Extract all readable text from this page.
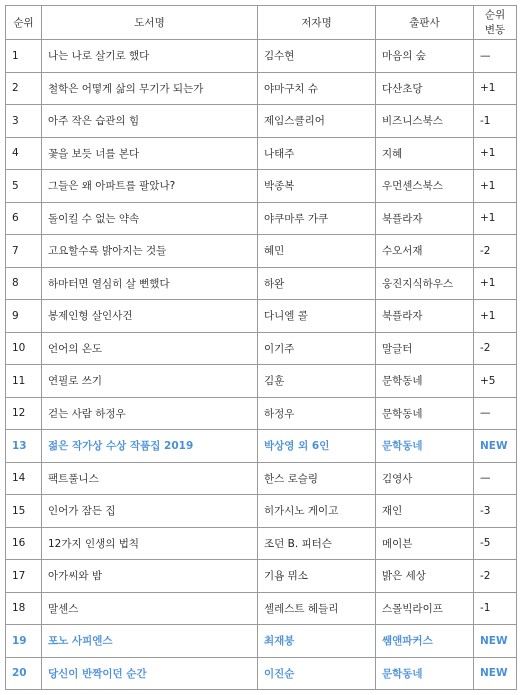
순위	도서명	저자명	출판사	순위
변동

1	나는 나로 살기로 했다	김수현	마음의 숲	—
2	철학은 어떻게 삶의 무기가 되는가	야마구치 슈	다산초당	+1
3	아주 작은 습관의 힘	제임스클리어	비즈니스북스	-1
4	꽃을 보듯 너를 본다	나태주	지혜	+1
5	그들은 왜 아파트를 팔았나?	박종복	우먼센스북스	+1
6	돌이킬 수 없는 약속	야쿠마루 가쿠	북플라자	+1
7	고요할수록 밝아지는 것들	혜민	수오서재	-2
8	하마터면 열심히 살 뻔했다	하완	웅진지식하우스	+1
9	봉제인형 살인사건	다니엘 콜	북플라자	+1
10	언어의 온도	이기주	말글터	-2
11	연필로 쓰기	김훈	문학동네	+5
12	걷는 사람 하정우	하정우	문학동네	—
13	젊은 작가상 수상 작품집 2019	박상영 외 6인	문학동네	NEW
14	팩트풀니스	한스 로슬링	김영사	—
15	인어가 잠든 집	히가시노 게이고	재인	-3
16	12가지 인생의 법칙	조던 B. 피터슨	메이븐	-5
17	아가씨와 밤	기욤 뮈소	밝은 세상	-2
18	말센스	셀레스트 헤들리	스몰빅라이프	-1
19	포노 사피엔스	최재붕	쌤앤파커스	NEW
20	당신이 반짝이던 순간	이진순	문학동네	NEW
